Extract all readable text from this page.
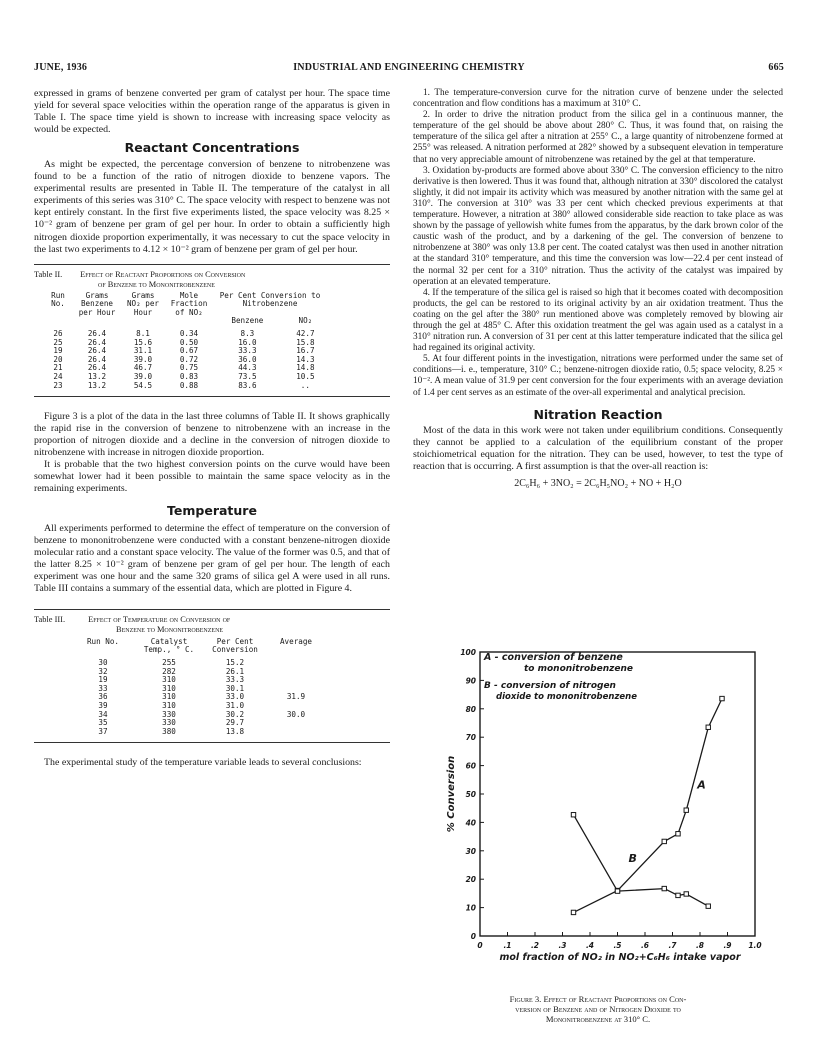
JUNE, 1936	INDUSTRIAL AND ENGINEERING CHEMISTRY	665

expressed in grams of benzene converted per gram of catalyst per hour. The space time yield for several space velocities within the operation range of the apparatus is given in Table I. The space time yield is shown to increase with increasing space velocity as would be expected.

Reactant Concentrations

As might be expected, the percentage conversion of benzene to nitrobenzene was found to be a function of the ratio of nitrogen dioxide to benzene vapors. The experimental results are presented in Table II. The temperature of the catalyst in all experiments of this series was 310° C. The space velocity with respect to benzene was not kept entirely constant. In the first five experiments listed, the space velocity was 8.25 × 10⁻² gram of benzene per gram of gel per hour. In order to obtain a sufficiently high nitrogen dioxide proportion experimentally, it was necessary to cut the space velocity in the last two experiments to 4.12 × 10⁻² gram of benzene per gram of gel per hour.

Table II. Effect of Reactant Proportions on Conversion
of Benzene to Mononitrobenzene
Run No.	Grams Benzene per Hour	Grams NO₂ per Hour	Mole Fraction of NO₂	Per Cent Conversion to Nitrobenzene	
				Benzene	NO₂

26	26.4	8.1	0.34	8.3	42.7
25	26.4	15.6	0.50	16.0	15.8
19	26.4	31.1	0.67	33.3	16.7
20	26.4	39.0	0.72	36.0	14.3
21	26.4	46.7	0.75	44.3	14.8
24	13.2	39.0	0.83	73.5	10.5
23	13.2	54.5	0.88	83.6	..

Figure 3 is a plot of the data in the last three columns of Table II. It shows graphically the rapid rise in the conversion of benzene to nitrobenzene with an increase in the proportion of nitrogen dioxide and a decline in the conversion of nitrogen dioxide to nitrobenzene with increase in nitrogen dioxide proportion.

It is probable that the two highest conversion points on the curve would have been somewhat lower had it been possible to maintain the same space velocity as in the remaining experiments.

Temperature

All experiments performed to determine the effect of temperature on the conversion of benzene to mononitrobenzene were conducted with a constant benzene-nitrogen dioxide molecular ratio and a constant space velocity. The value of the former was 0.5, and that of the latter 8.25 × 10⁻² gram of benzene per gram of gel per hour. The length of each experiment was one hour and the same 320 grams of silica gel A were used in all runs. Table III contains a summary of the essential data, which are plotted in Figure 4.

Table III.	Effect of Temperature on Conversion of
Benzene to Mononitrobenzene
Run No.	Catalyst Temp., ° C.	Per Cent Conversion	Average

30	255	15.2	
32	282	26.1	
19	310	33.3	
33	310	30.1	
36	310	33.0	31.9
39	310	31.0	
34	330	30.2	30.0
35	330	29.7	
37	380	13.8	

The experimental study of the temperature variable leads to several conclusions:

1. The temperature-conversion curve for the nitration curve of benzene under the selected concentration and flow conditions has a maximum at 310° C.

2. In order to drive the nitration product from the silica gel in a continuous manner, the temperature of the gel should be above about 280° C. Thus, it was found that, on raising the temperature of the silica gel after a nitration at 255° C., a large quantity of nitrobenzene formed at 255° was released. A nitration performed at 282° showed by a subsequent elevation in temperature that no very appreciable amount of nitrobenzene was retained by the gel at that temperature.

3. Oxidation by-products are formed above about 330° C. The conversion efficiency to the nitro derivative is then lowered. Thus it was found that, although nitration at 330° discolored the catalyst slightly, it did not impair its activity which was measured by another nitration with the same gel at 310°. The conversion at 310° was 33 per cent which checked previous experiments at that temperature. However, a nitration at 380° allowed considerable side reaction to take place as was shown by the passage of yellowish white fumes from the apparatus, by the dark brown color of the caustic wash of the product, and by a darkening of the gel. The conversion of benzene to nitrobenzene at 380° was only 13.8 per cent. The coated catalyst was then used in another nitration at the standard 310° temperature, and this time the conversion was low—22.4 per cent instead of the normal 32 per cent for a 310° nitration. Thus the activity of the catalyst was impaired by operation at an elevated temperature.

4. If the temperature of the silica gel is raised so high that it becomes coated with decomposition products, the gel can be restored to its original activity by an air oxidation treatment. Thus the coating on the gel after the 380° run mentioned above was completely removed by blowing air through the gel at 485° C. After this oxidation treatment the gel was again used as a catalyst in a 310° nitration run. A conversion of 31 per cent at this latter temperature indicated that the silica gel had regained its original activity.

5. At four different points in the investigation, nitrations were performed under the same set of conditions—i. e., temperature, 310° C.; benzene-nitrogen dioxide ratio, 0.5; space velocity, 8.25 × 10⁻². A mean value of 31.9 per cent conversion for the four experiments with an average deviation of 1.4 per cent serves as an estimate of the over-all experimental and analytical precision.

Nitration Reaction

Most of the data in this work were not taken under equilibrium conditions. Consequently they cannot be applied to a calculation of the equilibrium constant of the proper stoichiometrical equation for the nitration. They can be used, however, to test the type of reaction that is occurring. A first assumption is that the over-all reaction is:

2C₆H₆ + 3NO₂ = 2C₆H₅NO₂ + NO + H₂O
% Conversion
0
10
20
30
40
50
60
70
80
90
100
0	.1	.2	.3	.4	.5	.6	.7	.8	.9 1.0
A - conversion of benzene
to mononitrobenzene
B - conversion of nitrogen
dioxide to mononitrobenzene
A
B
mol fraction of NO₂ in NO₂+C₆H₆ intake vapor
Figure 3. Effect of Reactant Proportions on Con-
version of Benzene and of Nitrogen Dioxide to
Mononitrobenzene at 310° C.
